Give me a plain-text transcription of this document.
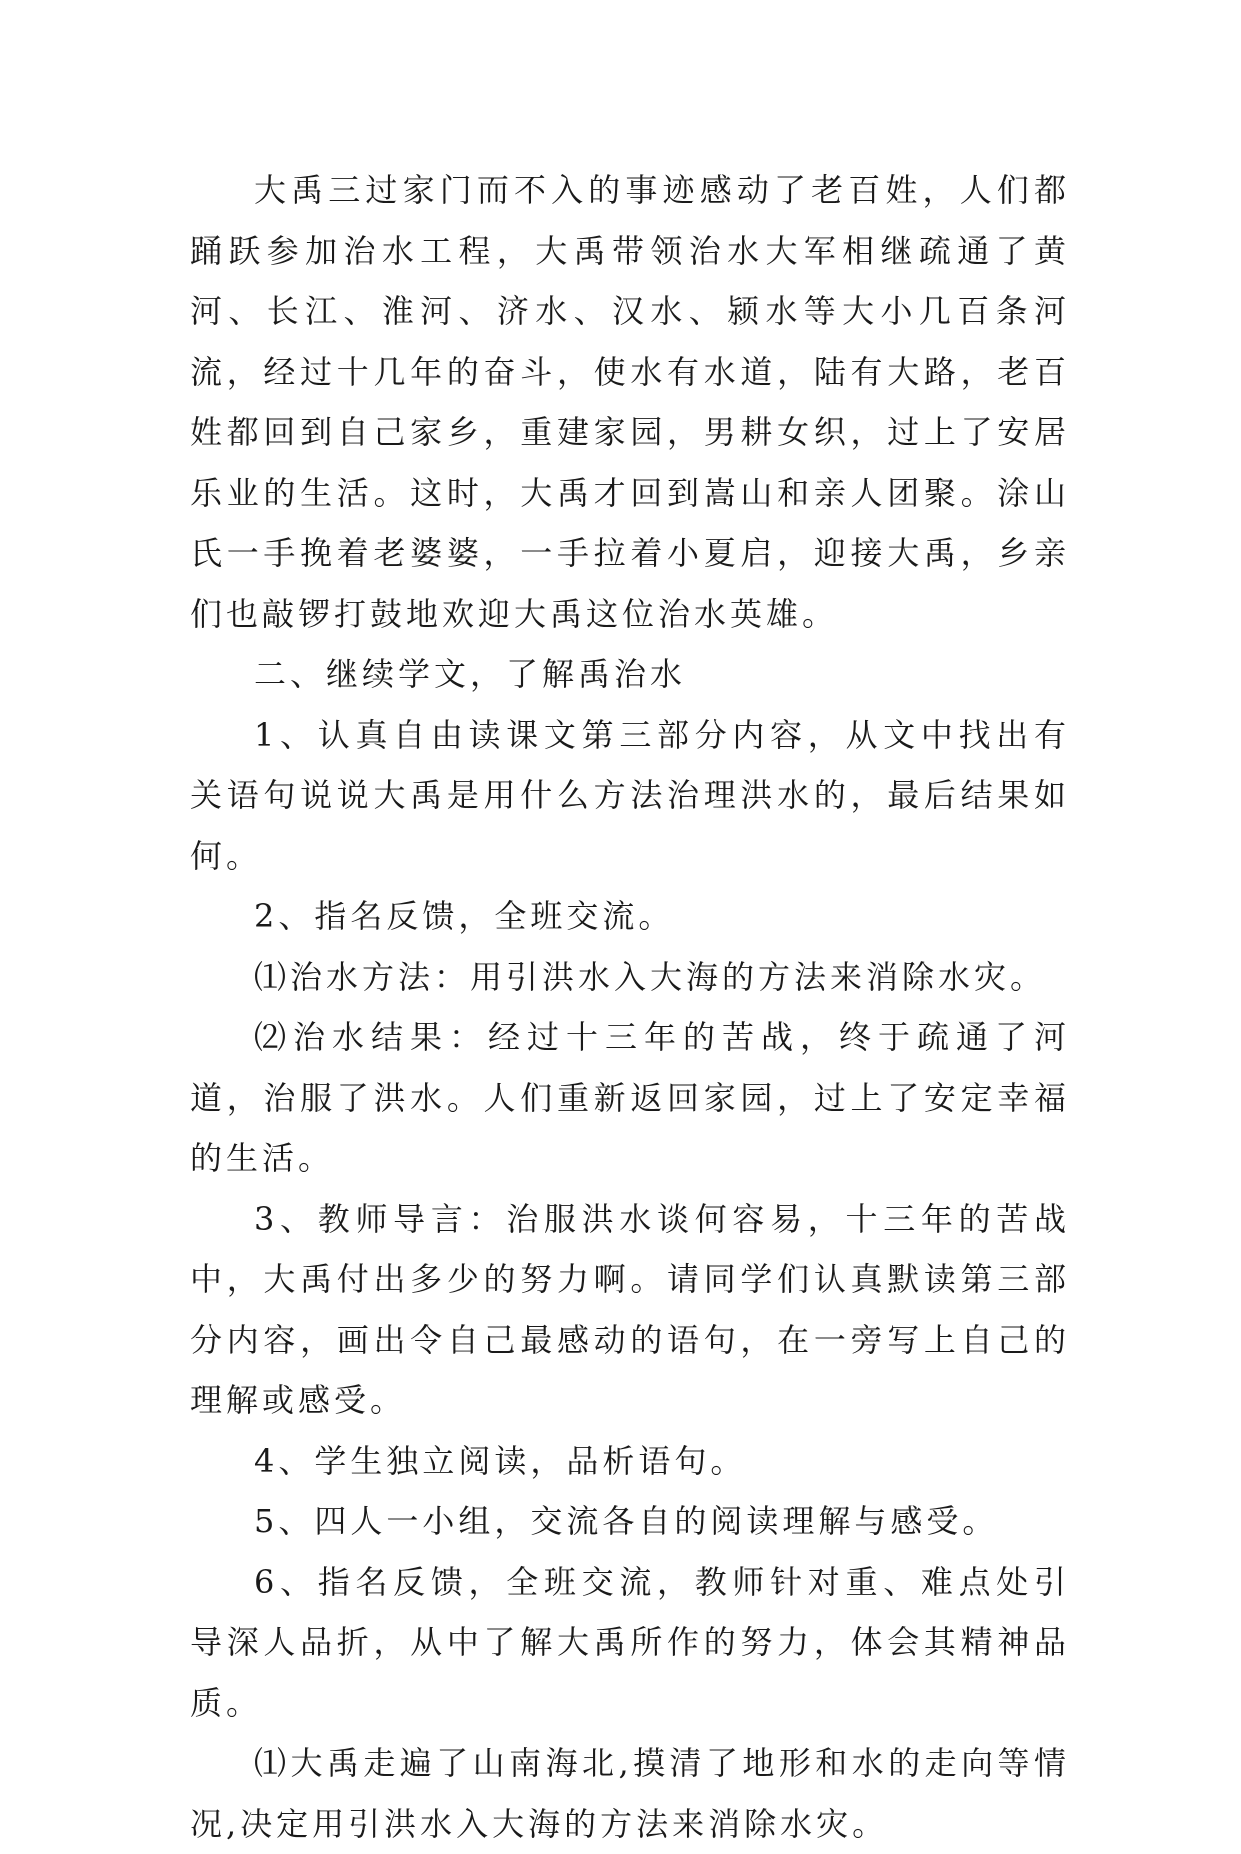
大禹三过家门而不入的事迹感动了老百姓，人们都踊跃参加治水工程，大禹带领治水大军相继疏通了黄河、长江、淮河、济水、汉水、颍水等大小几百条河流，经过十几年的奋斗，使水有水道，陆有大路，老百姓都回到自己家乡，重建家园，男耕女织，过上了安居乐业的生活。这时，大禹才回到嵩山和亲人团聚。涂山氏一手挽着老婆婆，一手拉着小夏启，迎接大禹，乡亲们也敲锣打鼓地欢迎大禹这位治水英雄。

二、继续学文，了解禹治水

1、认真自由读课文第三部分内容，从文中找出有关语句说说大禹是用什么方法治理洪水的，最后结果如何。

2、指名反馈，全班交流。

⑴治水方法：用引洪水入大海的方法来消除水灾。

⑵治水结果：经过十三年的苦战，终于疏通了河道，治服了洪水。人们重新返回家园，过上了安定幸福的生活。

3、教师导言：治服洪水谈何容易，十三年的苦战中，大禹付出多少的努力啊。请同学们认真默读第三部分内容，画出令自己最感动的语句，在一旁写上自己的理解或感受。

4、学生独立阅读，品析语句。

5、四人一小组，交流各自的阅读理解与感受。

6、指名反馈，全班交流，教师针对重、难点处引导深人品折，从中了解大禹所作的努力，体会其精神品质。

⑴大禹走遍了山南海北,摸清了地形和水的走向等情况,决定用引洪水入大海的方法来消除水灾。
